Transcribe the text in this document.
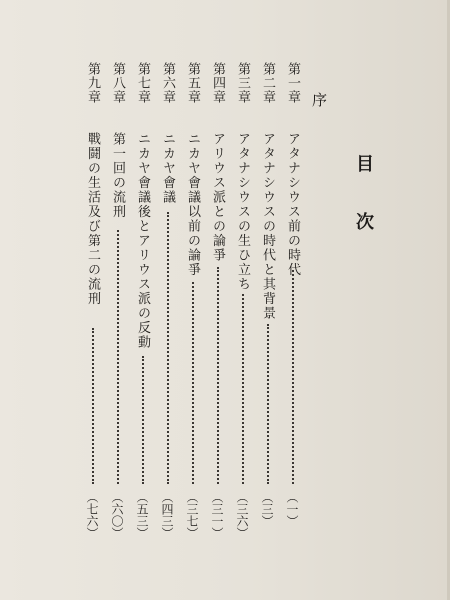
目次
序
第一章
アタナシウス前の時代
（一）
第二章
アタナシウスの時代と其背景
（三）
第三章
アタナシウスの生ひ立ち
（三六）
第四章
アリウス派との論爭
（三一）
第五章
ニカヤ會議以前の論爭
（三七）
第六章
ニカヤ會議
（四三）
第七章
ニカヤ會議後とアリウス派の反動
（五三）
第八章
第一回の流刑
（六〇）
第九章
戰鬪の生活及び第二の流刑
（七六）
